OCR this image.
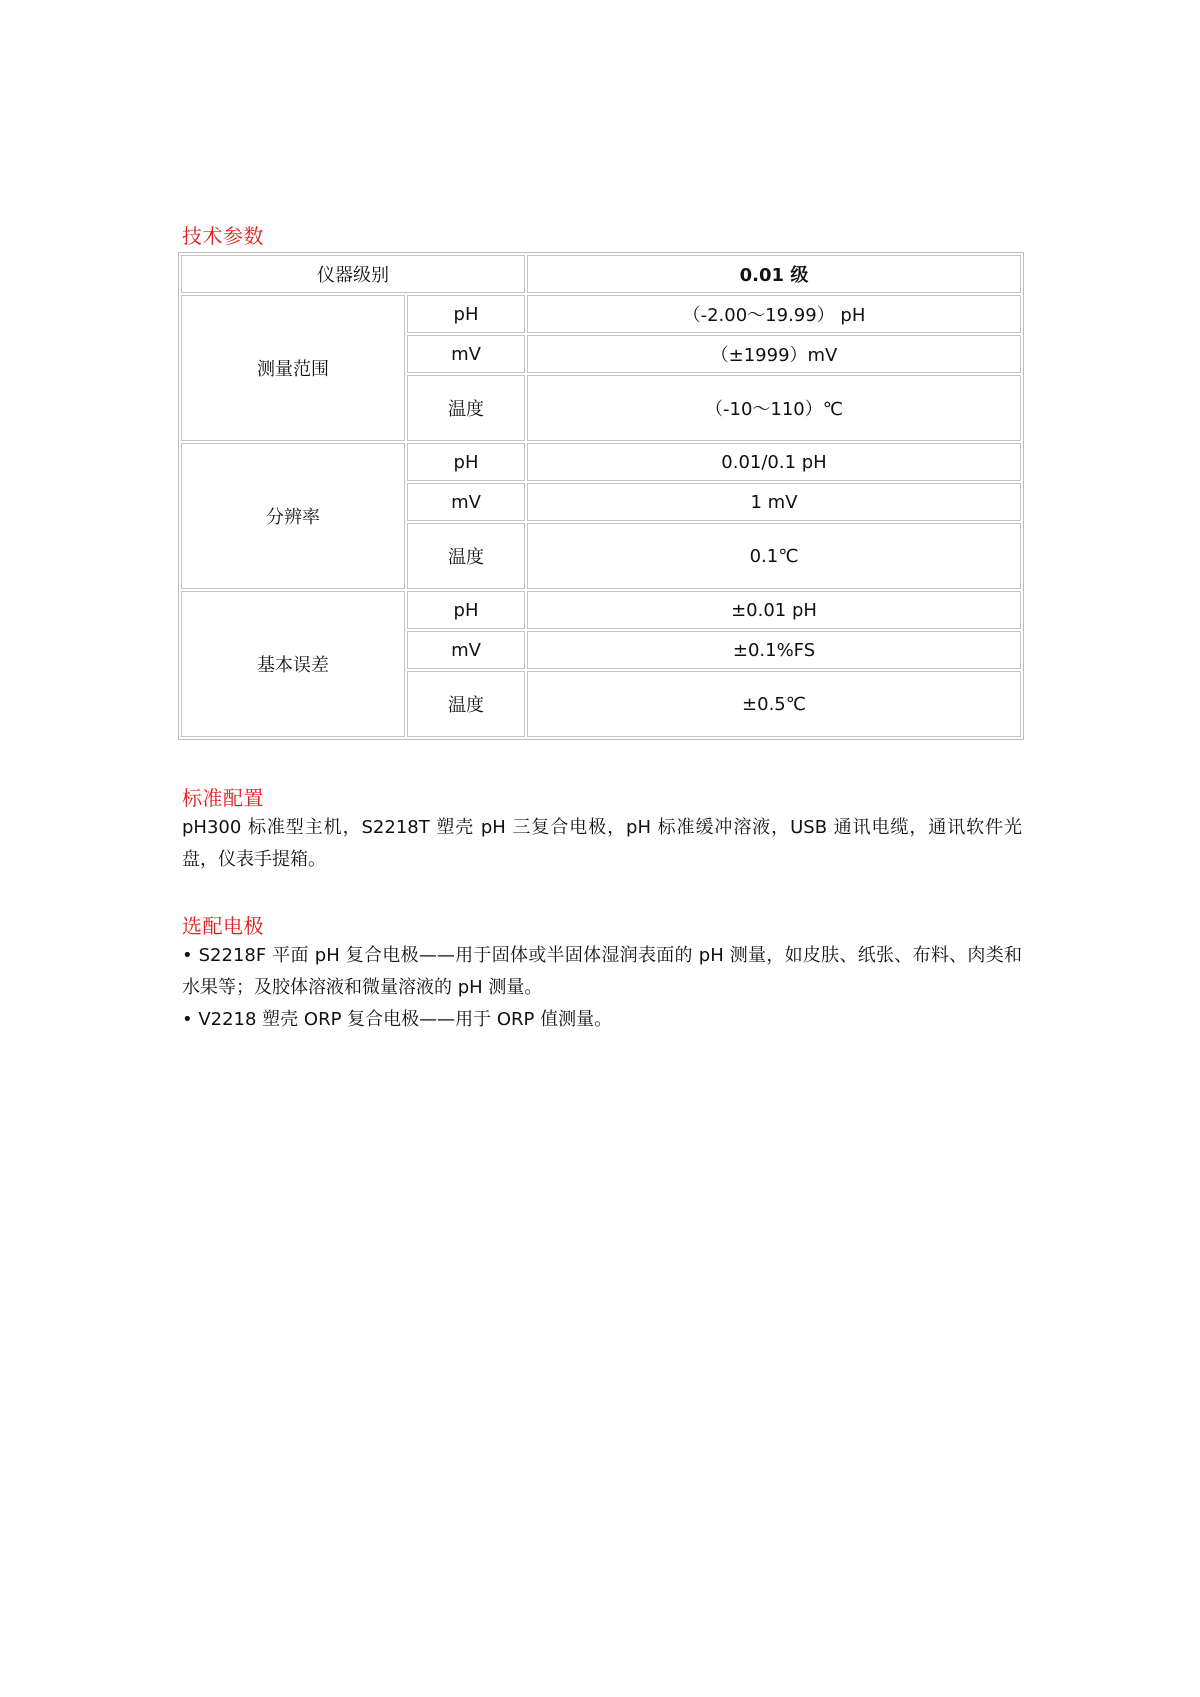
技术参数
仪器级别		0.01 级
测量范围	pH	（-2.00～19.99） pH
	mV	（±1999）mV
	温度	（-10～110）℃
分辨率	pH	0.01/0.1 pH
	mV	1 mV
	温度	0.1℃
基本误差	pH	±0.01 pH
	mV	±0.1%FS
	温度	±0.5℃
标准配置
pH300 标准型主机，S2218T 塑壳 pH 三复合电极，pH 标准缓冲溶液，USB 通讯电缆，通讯软件光盘，仪表手提箱。
选配电极
• S2218F 平面 pH 复合电极——用于固体或半固体湿润表面的 pH 测量，如皮肤、纸张、布料、肉类和水果等；及胶体溶液和微量溶液的 pH 测量。
• V2218 塑壳 ORP 复合电极——用于 ORP 值测量。
